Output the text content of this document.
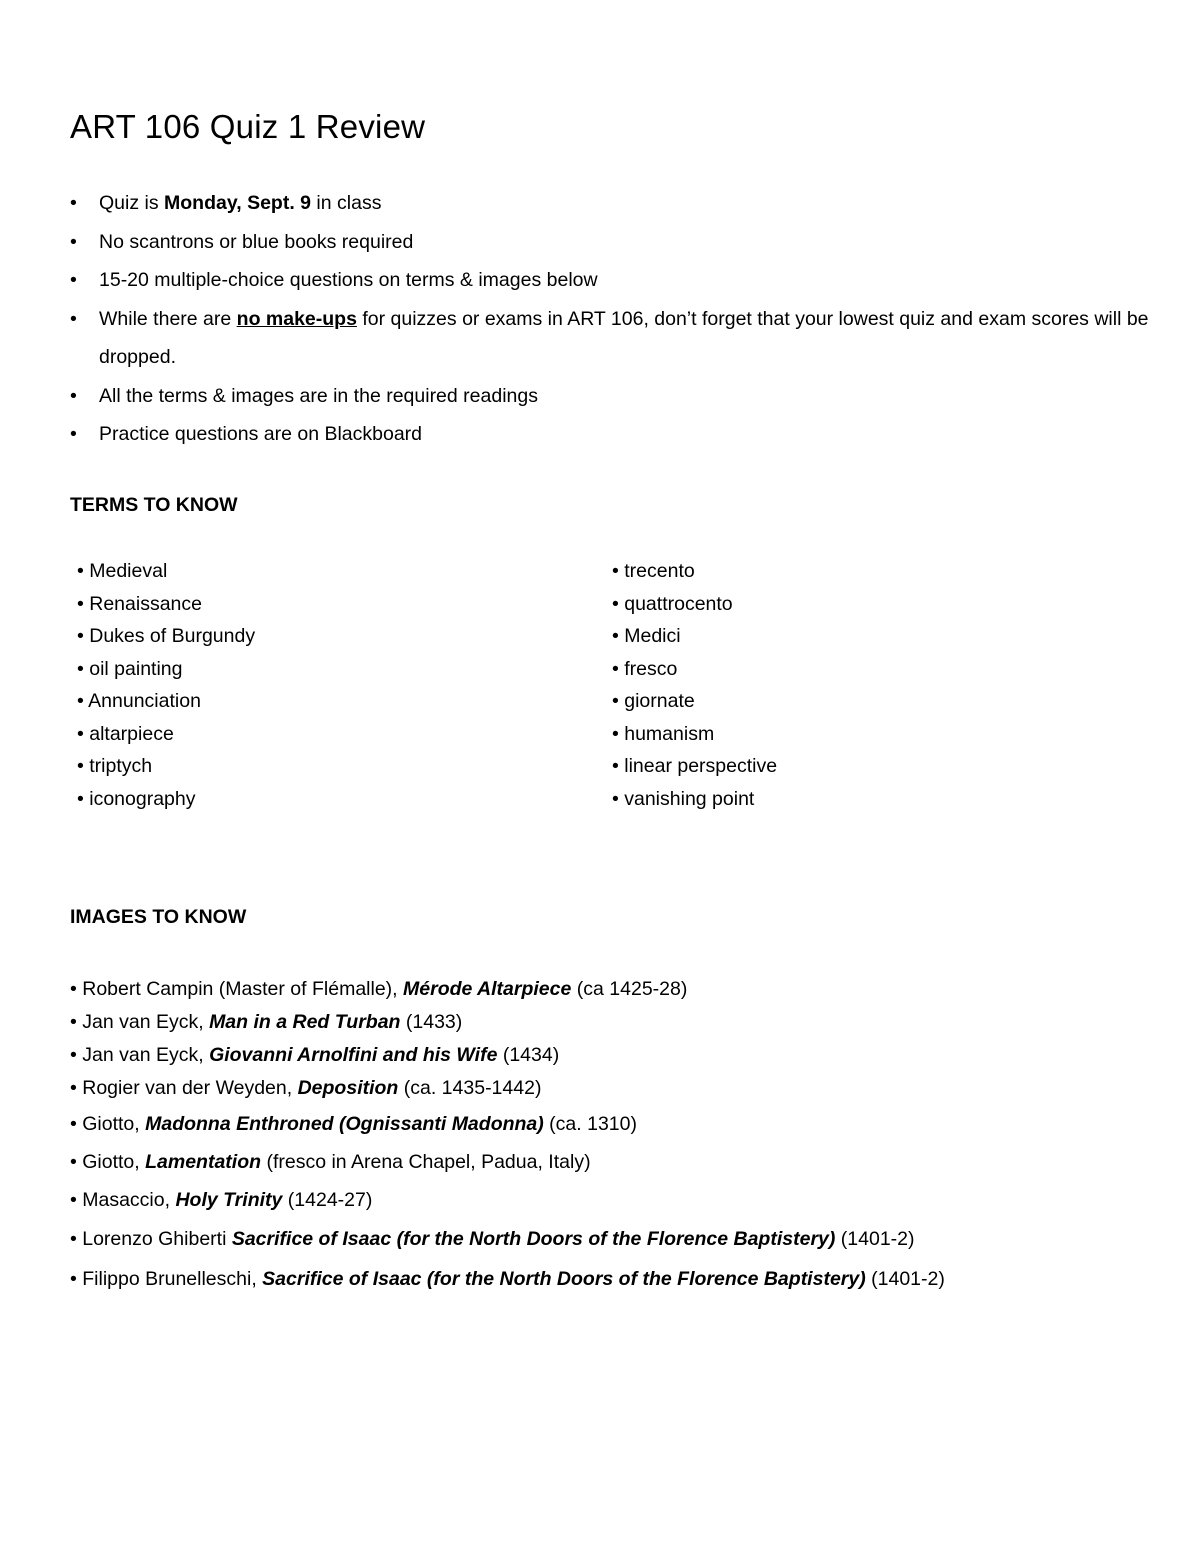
ART 106 Quiz 1 Review
• Quiz is Monday, Sept. 9 in class
• No scantrons or blue books required
• 15-20 multiple-choice questions on terms & images below
• While there are no make-ups for quizzes or exams in ART 106, don’t forget that your lowest quiz and exam scores will be dropped.
• All the terms & images are in the required readings
• Practice questions are on Blackboard
TERMS TO KNOW
• Medieval
• Renaissance
• Dukes of Burgundy
• oil painting
• Annunciation
• altarpiece
• triptych
• iconography
• trecento
• quattrocento
• Medici
• fresco
• giornate
• humanism
• linear perspective
• vanishing point
IMAGES TO KNOW
• Robert Campin (Master of Flémalle), Mérode Altarpiece (ca 1425-28)
• Jan van Eyck, Man in a Red Turban (1433)
• Jan van Eyck, Giovanni Arnolfini and his Wife (1434)
• Rogier van der Weyden, Deposition (ca. 1435-1442)
• Giotto, Madonna Enthroned (Ognissanti Madonna) (ca. 1310)
• Giotto, Lamentation (fresco in Arena Chapel, Padua, Italy)
• Masaccio, Holy Trinity (1424-27)
• Lorenzo Ghiberti Sacrifice of Isaac (for the North Doors of the Florence Baptistery) (1401-2)
• Filippo Brunelleschi, Sacrifice of Isaac (for the North Doors of the Florence Baptistery) (1401-2)
